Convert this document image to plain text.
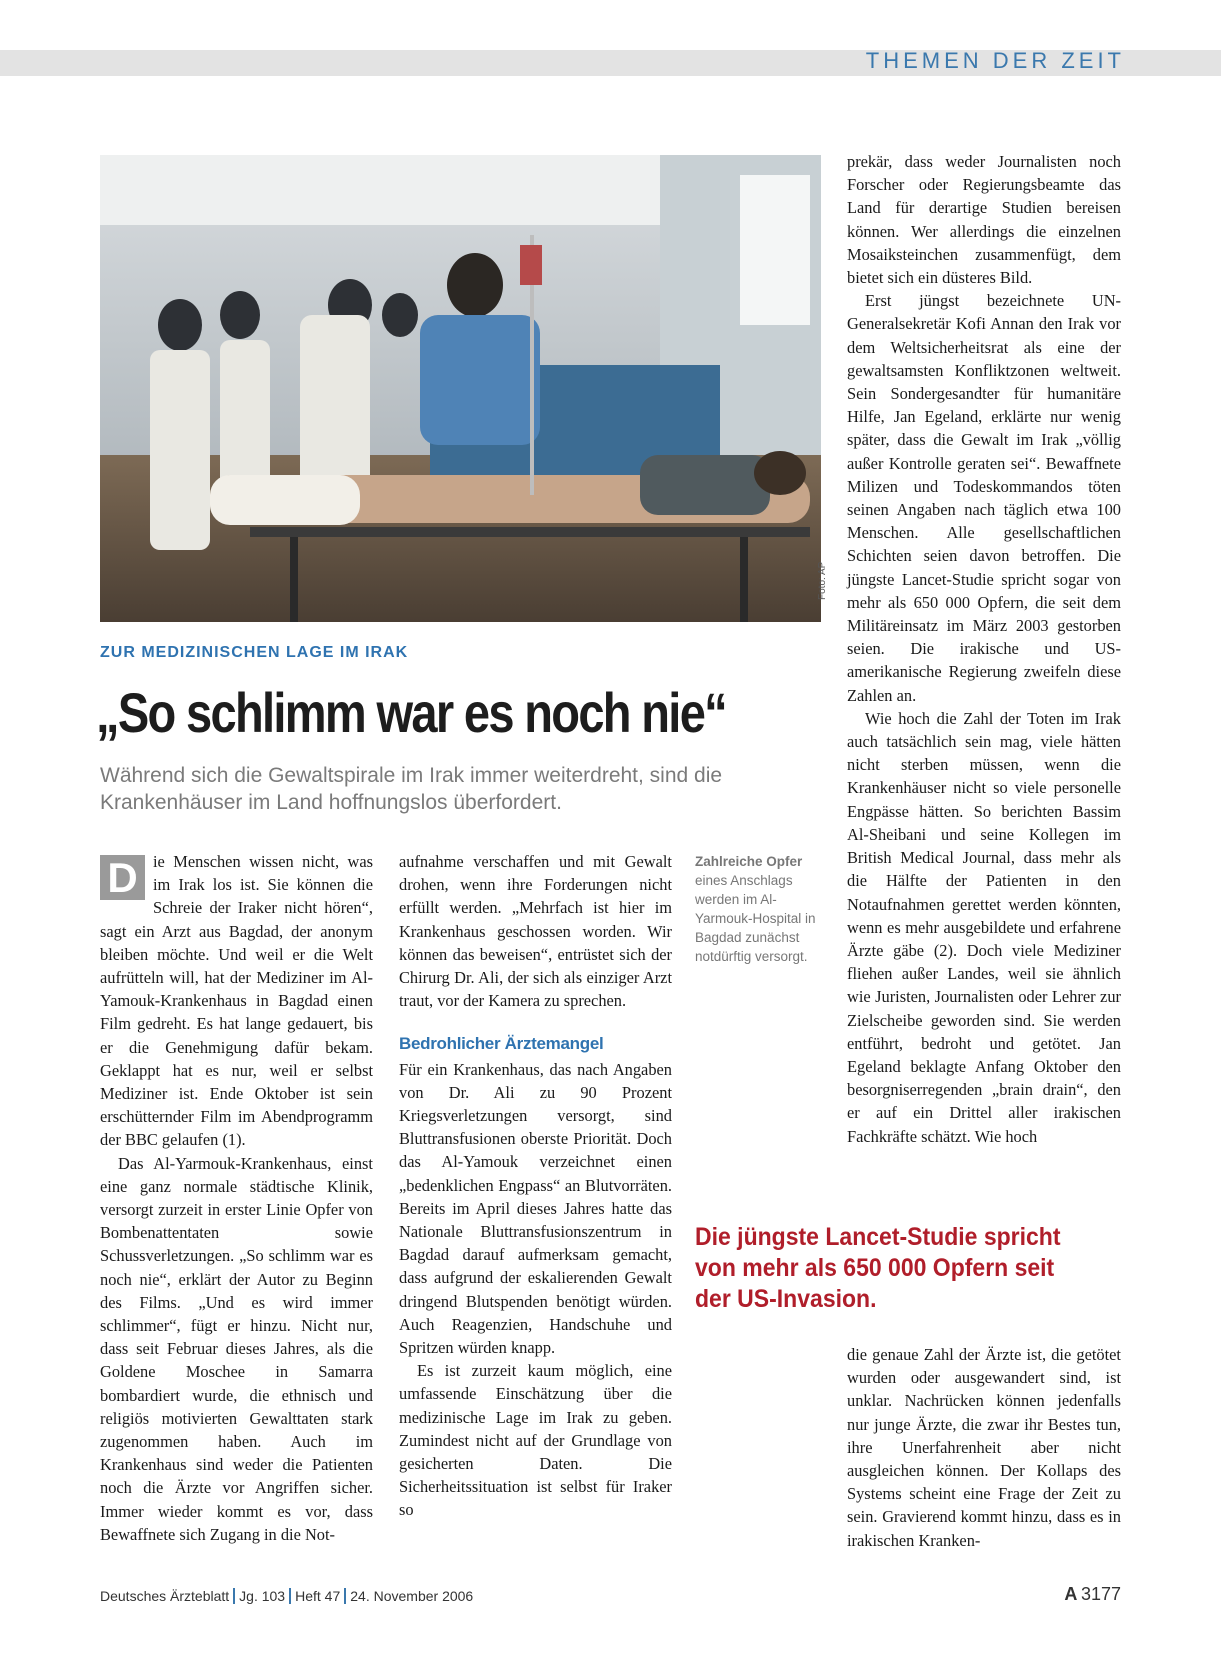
THEMEN DER ZEIT
Foto: AP
ZUR MEDIZINISCHEN LAGE IM IRAK
„So schlimm war es noch nie“

Während sich die Gewaltspirale im Irak immer weiterdreht, sind die Krankenhäuser im Land hoffnungslos überfordert.

D ie Menschen wissen nicht, was im Irak los ist. Sie können die Schreie der Iraker nicht hören“, sagt ein Arzt aus Bagdad, der anonym bleiben möchte. Und weil er die Welt aufrütteln will, hat der Mediziner im Al-Yamouk-Krankenhaus in Bagdad einen Film gedreht. Es hat lange gedauert, bis er die Genehmigung dafür bekam. Geklappt hat es nur, weil er selbst Mediziner ist. Ende Oktober ist sein erschütternder Film im Abendprogramm der BBC gelaufen (1).

Das Al-Yarmouk-Krankenhaus, einst eine ganz normale städtische Klinik, versorgt zurzeit in erster Linie Opfer von Bombenattentaten sowie Schussverletzungen. „So schlimm war es noch nie“, erklärt der Autor zu Beginn des Films. „Und es wird immer schlimmer“, fügt er hinzu. Nicht nur, dass seit Februar dieses Jahres, als die Goldene Moschee in Samarra bombardiert wurde, die ethnisch und religiös motivierten Gewalttaten stark zugenommen haben. Auch im Krankenhaus sind weder die Patienten noch die Ärzte vor Angriffen sicher. Immer wieder kommt es vor, dass Bewaffnete sich Zugang in die Not-

aufnahme verschaffen und mit Gewalt drohen, wenn ihre Forderungen nicht erfüllt werden. „Mehrfach ist hier im Krankenhaus geschossen worden. Wir können das beweisen“, entrüstet sich der Chirurg Dr. Ali, der sich als einziger Arzt traut, vor der Kamera zu sprechen.

Bedrohlicher Ärztemangel

Für ein Krankenhaus, das nach Angaben von Dr. Ali zu 90 Prozent Kriegsverletzungen versorgt, sind Bluttransfusionen oberste Priorität. Doch das Al-Yamouk verzeichnet einen „bedenklichen Engpass“ an Blutvorräten. Bereits im April dieses Jahres hatte das Nationale Bluttransfusionszentrum in Bagdad darauf aufmerksam gemacht, dass aufgrund der eskalierenden Gewalt dringend Blutspenden benötigt würden. Auch Reagenzien, Handschuhe und Spritzen würden knapp.

Es ist zurzeit kaum möglich, eine umfassende Einschätzung über die medizinische Lage im Irak zu geben. Zumindest nicht auf der Grundlage von gesicherten Daten. Die Sicherheitssituation ist selbst für Iraker so

Zahlreiche Opfer
eines Anschlags werden im Al-Yarmouk-Hospital in Bagdad zunächst notdürftig versorgt.

prekär, dass weder Journalisten noch Forscher oder Regierungsbeamte das Land für derartige Studien bereisen können. Wer allerdings die einzelnen Mosaiksteinchen zusammenfügt, dem bietet sich ein düsteres Bild.

Erst jüngst bezeichnete UN-Generalsekretär Kofi Annan den Irak vor dem Weltsicherheitsrat als eine der gewaltsamsten Konfliktzonen weltweit. Sein Sondergesandter für humanitäre Hilfe, Jan Egeland, erklärte nur wenig später, dass die Gewalt im Irak „völlig außer Kontrolle geraten sei“. Bewaffnete Milizen und Todeskommandos töten seinen Angaben nach täglich etwa 100 Menschen. Alle gesellschaftlichen Schichten seien davon betroffen. Die jüngste Lancet-Studie spricht sogar von mehr als 650 000 Opfern, die seit dem Militäreinsatz im März 2003 gestorben seien. Die irakische und US-amerikanische Regierung zweifeln diese Zahlen an.

Wie hoch die Zahl der Toten im Irak auch tatsächlich sein mag, viele hätten nicht sterben müssen, wenn die Krankenhäuser nicht so viele personelle Engpässe hätten. So berichten Bassim Al-Sheibani und seine Kollegen im British Medical Journal, dass mehr als die Hälfte der Patienten in den Notaufnahmen gerettet werden könnten, wenn es mehr ausgebildete und erfahrene Ärzte gäbe (2). Doch viele Mediziner fliehen außer Landes, weil sie ähnlich wie Juristen, Journalisten oder Lehrer zur Zielscheibe geworden sind. Sie werden entführt, bedroht und getötet. Jan Egeland beklagte Anfang Oktober den besorgniserregenden „brain drain“, den er auf ein Drittel aller irakischen Fachkräfte schätzt. Wie hoch

Die jüngste Lancet-Studie spricht von mehr als 650 000 Opfern seit der US-Invasion.

die genaue Zahl der Ärzte ist, die getötet wurden oder ausgewandert sind, ist unklar. Nachrücken können jedenfalls nur junge Ärzte, die zwar ihr Bestes tun, ihre Unerfahrenheit aber nicht ausgleichen können. Der Kollaps des Systems scheint eine Frage der Zeit zu sein. Gravierend kommt hinzu, dass es in irakischen Kranken-

Deutsches Ärzteblatt Jg. 103 Heft 47 24. November 2006	A  3177
